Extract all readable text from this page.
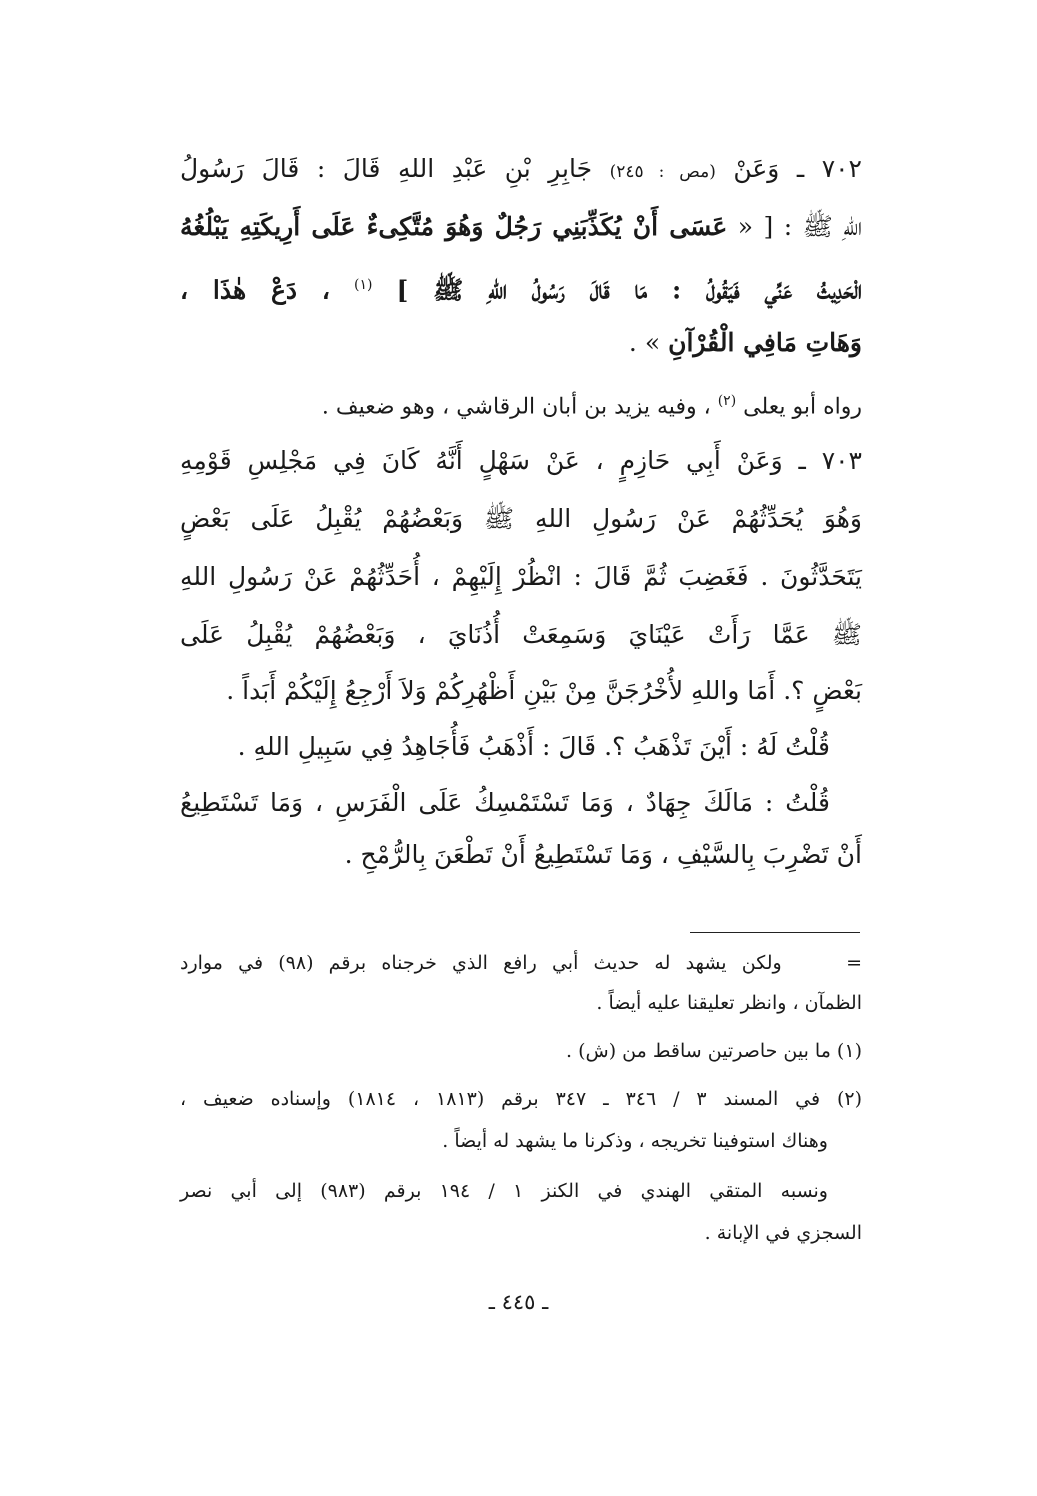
٧٠٢ ـ وَعَنْ (مص : ٢٤٥) جَابِرِ بْنِ عَبْدِ اللهِ قَالَ : قَالَ رَسُولُ
اللهِ ﷺ : [ « عَسَى أَنْ يُكَذِّبَنِي رَجُلٌ وَهُوَ مُتَّكِىءٌ عَلَى أَرِيكَتِهِ يَبْلُغُهُ
الْحَدِيثُ عَنِّي فَيَقُولُ : مَا قَالَ رَسُولُ اللهِ ﷺ ] $^{(١)}$ ، دَعْ هٰذَا ،
وَهَاتِ مَافِي الْقُرْآنِ » .
رواه أبو يعلى $^{(٢)}$ ، وفيه يزيد بن أبان الرقاشي ، وهو ضعيف .
٧٠٣ ـ وَعَنْ أَبِي حَازِمٍ ، عَنْ سَهْلٍ أَنَّهُ كَانَ فِي مَجْلِسِ قَوْمِهِ
وَهُوَ يُحَدِّثُهُمْ عَنْ رَسُولِ اللهِ ﷺ وَبَعْضُهُمْ يُقْبِلُ عَلَى بَعْضٍ
يَتَحَدَّثُونَ . فَغَضِبَ ثُمَّ قَالَ : انْظُرْ إِلَيْهِمْ ، أُحَدِّثُهُمْ عَنْ رَسُولِ اللهِ
ﷺ عَمَّا رَأَتْ عَيْنَايَ وَسَمِعَتْ أُذُنَايَ ، وَبَعْضُهُمْ يُقْبِلُ عَلَى
بَعْضٍ ؟. أَمَا واللهِ لأُخْرُجَنَّ مِنْ بَيْنِ أَظْهُرِكُمْ وَلاَ أَرْجِعُ إِلَيْكُمْ أَبَداً .
قُلْتُ لَهُ : أَيْنَ تَذْهَبُ ؟. قَالَ : أَذْهَبُ فَأُجَاهِدُ فِي سَبِيلِ اللهِ .
قُلْتُ : مَالَكَ جِهَادٌ ، وَمَا تَسْتَمْسِكُ عَلَى الْفَرَسِ ، وَمَا تَسْتَطِيعُ
أَنْ تَضْرِبَ بِالسَّيْفِ ، وَمَا تَسْتَطِيعُ أَنْ تَطْعَنَ بِالرُّمْحِ .
=  ولكن يشهد له حديث أبي رافع الذي خرجناه برقم (٩٨) في موارد
الظمآن ، وانظر تعليقنا عليه أيضاً .
(١) ما بين حاصرتين ساقط من (ش) .
(٢) في المسند ٣ / ٣٤٦ ـ ٣٤٧ برقم (١٨١٣ ، ١٨١٤) وإسناده ضعيف ،
وهناك استوفينا تخريجه ، وذكرنا ما يشهد له أيضاً .
ونسبه المتقي الهندي في الكنز ١ / ١٩٤ برقم (٩٨٣) إلى أبي نصر
السجزي في الإبانة .
ـ ٤٤٥ ـ
